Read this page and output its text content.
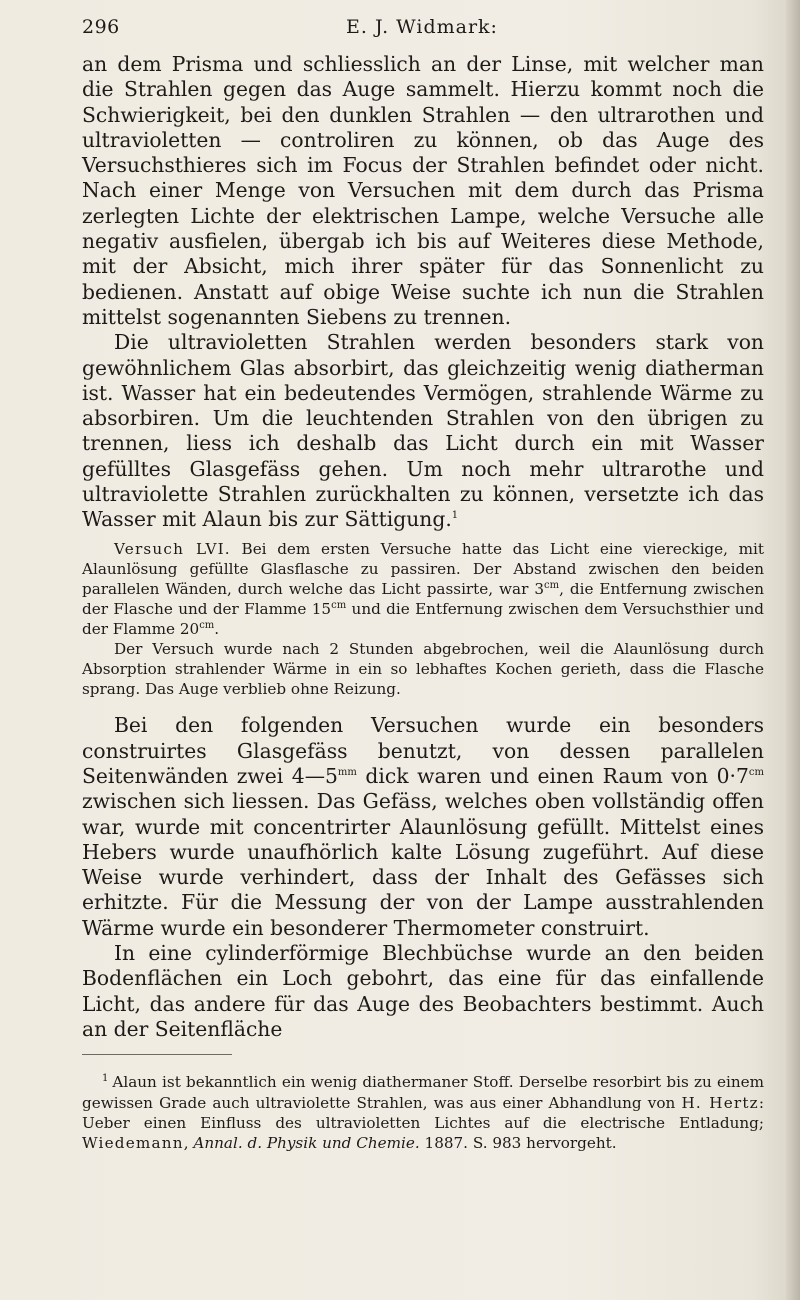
296	E. J. Widmark:

an dem Prisma und schliesslich an der Linse, mit welcher man die Strahlen gegen das Auge sammelt. Hierzu kommt noch die Schwierigkeit, bei den dunklen Strahlen — den ultrarothen und ultravioletten — controliren zu können, ob das Auge des Versuchsthieres sich im Focus der Strahlen befindet oder nicht. Nach einer Menge von Versuchen mit dem durch das Prisma zerlegten Lichte der elektrischen Lampe, welche Versuche alle negativ ausfielen, übergab ich bis auf Weiteres diese Methode, mit der Absicht, mich ihrer später für das Sonnenlicht zu bedienen. Anstatt auf obige Weise suchte ich nun die Strahlen mittelst sogenannten Siebens zu trennen.

Die ultravioletten Strahlen werden besonders stark von gewöhnlichem Glas absorbirt, das gleichzeitig wenig diatherman ist. Wasser hat ein bedeutendes Vermögen, strahlende Wärme zu absorbiren. Um die leuchtenden Strahlen von den übrigen zu trennen, liess ich deshalb das Licht durch ein mit Wasser gefülltes Glasgefäss gehen. Um noch mehr ultrarothe und ultraviolette Strahlen zurückhalten zu können, versetzte ich das Wasser mit Alaun bis zur Sättigung.$^1$

Versuch LVI. Bei dem ersten Versuche hatte das Licht eine viereckige, mit Alaunlösung gefüllte Glasflasche zu passiren. Der Abstand zwischen den beiden parallelen Wänden, durch welche das Licht passirte, war $3^{cm}$, die Entfernung zwischen der Flasche und der Flamme $15^{cm}$ und die Entfernung zwischen dem Versuchsthier und der Flamme $20^{cm}$.

Der Versuch wurde nach 2 Stunden abgebrochen, weil die Alaunlösung durch Absorption strahlender Wärme in ein so lebhaftes Kochen gerieth, dass die Flasche sprang. Das Auge verblieb ohne Reizung.

Bei den folgenden Versuchen wurde ein besonders construirtes Glasgefäss benutzt, von dessen parallelen Seitenwänden zwei $4—5^{mm}$ dick waren und einen Raum von $0\cdot 7^{cm}$ zwischen sich liessen. Das Gefäss, welches oben vollständig offen war, wurde mit concentrirter Alaunlösung gefüllt. Mittelst eines Hebers wurde unaufhörlich kalte Lösung zugeführt. Auf diese Weise wurde verhindert, dass der Inhalt des Gefässes sich erhitzte. Für die Messung der von der Lampe ausstrahlenden Wärme wurde ein besonderer Thermometer construirt.

In eine cylinderförmige Blechbüchse wurde an den beiden Bodenflächen ein Loch gebohrt, das eine für das einfallende Licht, das andere für das Auge des Beobachters bestimmt. Auch an der Seitenfläche

$^1$ Alaun ist bekanntlich ein wenig diathermaner Stoff. Derselbe resorbirt bis zu einem gewissen Grade auch ultraviolette Strahlen, was aus einer Abhandlung von H. Hertz: Ueber einen Einfluss des ultravioletten Lichtes auf die electrische Entladung; Wiedemann, Annal. d. Physik und Chemie. 1887. S. 983 hervorgeht.
